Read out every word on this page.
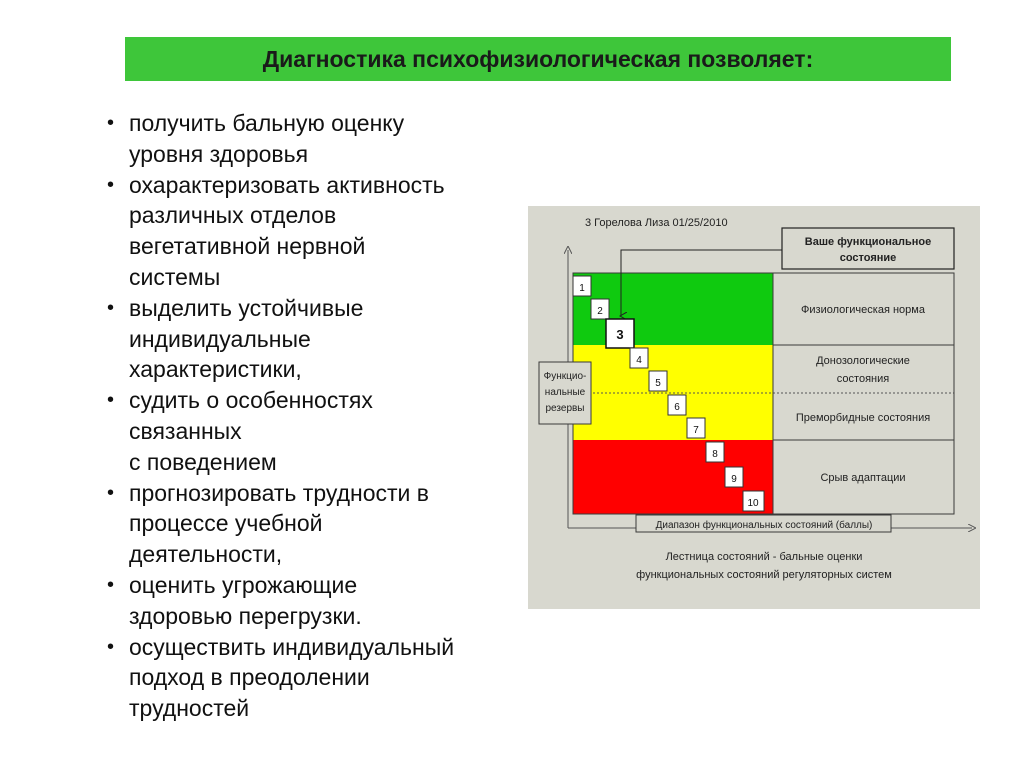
Диагностика психофизиологическая позволяет:
• получить бальную оценку
уровня здоровья
• охарактеризовать активность
различных отделов
вегетативной нервной
системы
• выделить устойчивые
индивидуальные
характеристики,
• судить о особенностях
связанных
с поведением
• прогнозировать трудности в
процессе учебной
деятельности,
• оценить угрожающие
здоровью перегрузки.
• осуществить индивидуальный
подход в преодолении
трудностей
3 Горелова Лиза 01/25/2010
Физиологическая норма
Донозологические
состояния
Преморбидные состояния
Срыв адаптации
Функцио-
нальные
резервы
Диапазон функциональных состояний (баллы)
Ваше функциональное
состояние
1
2
3
4
5
6
7
8
9
10
Лестница состояний - бальные оценки
функциональных состояний регуляторных систем
